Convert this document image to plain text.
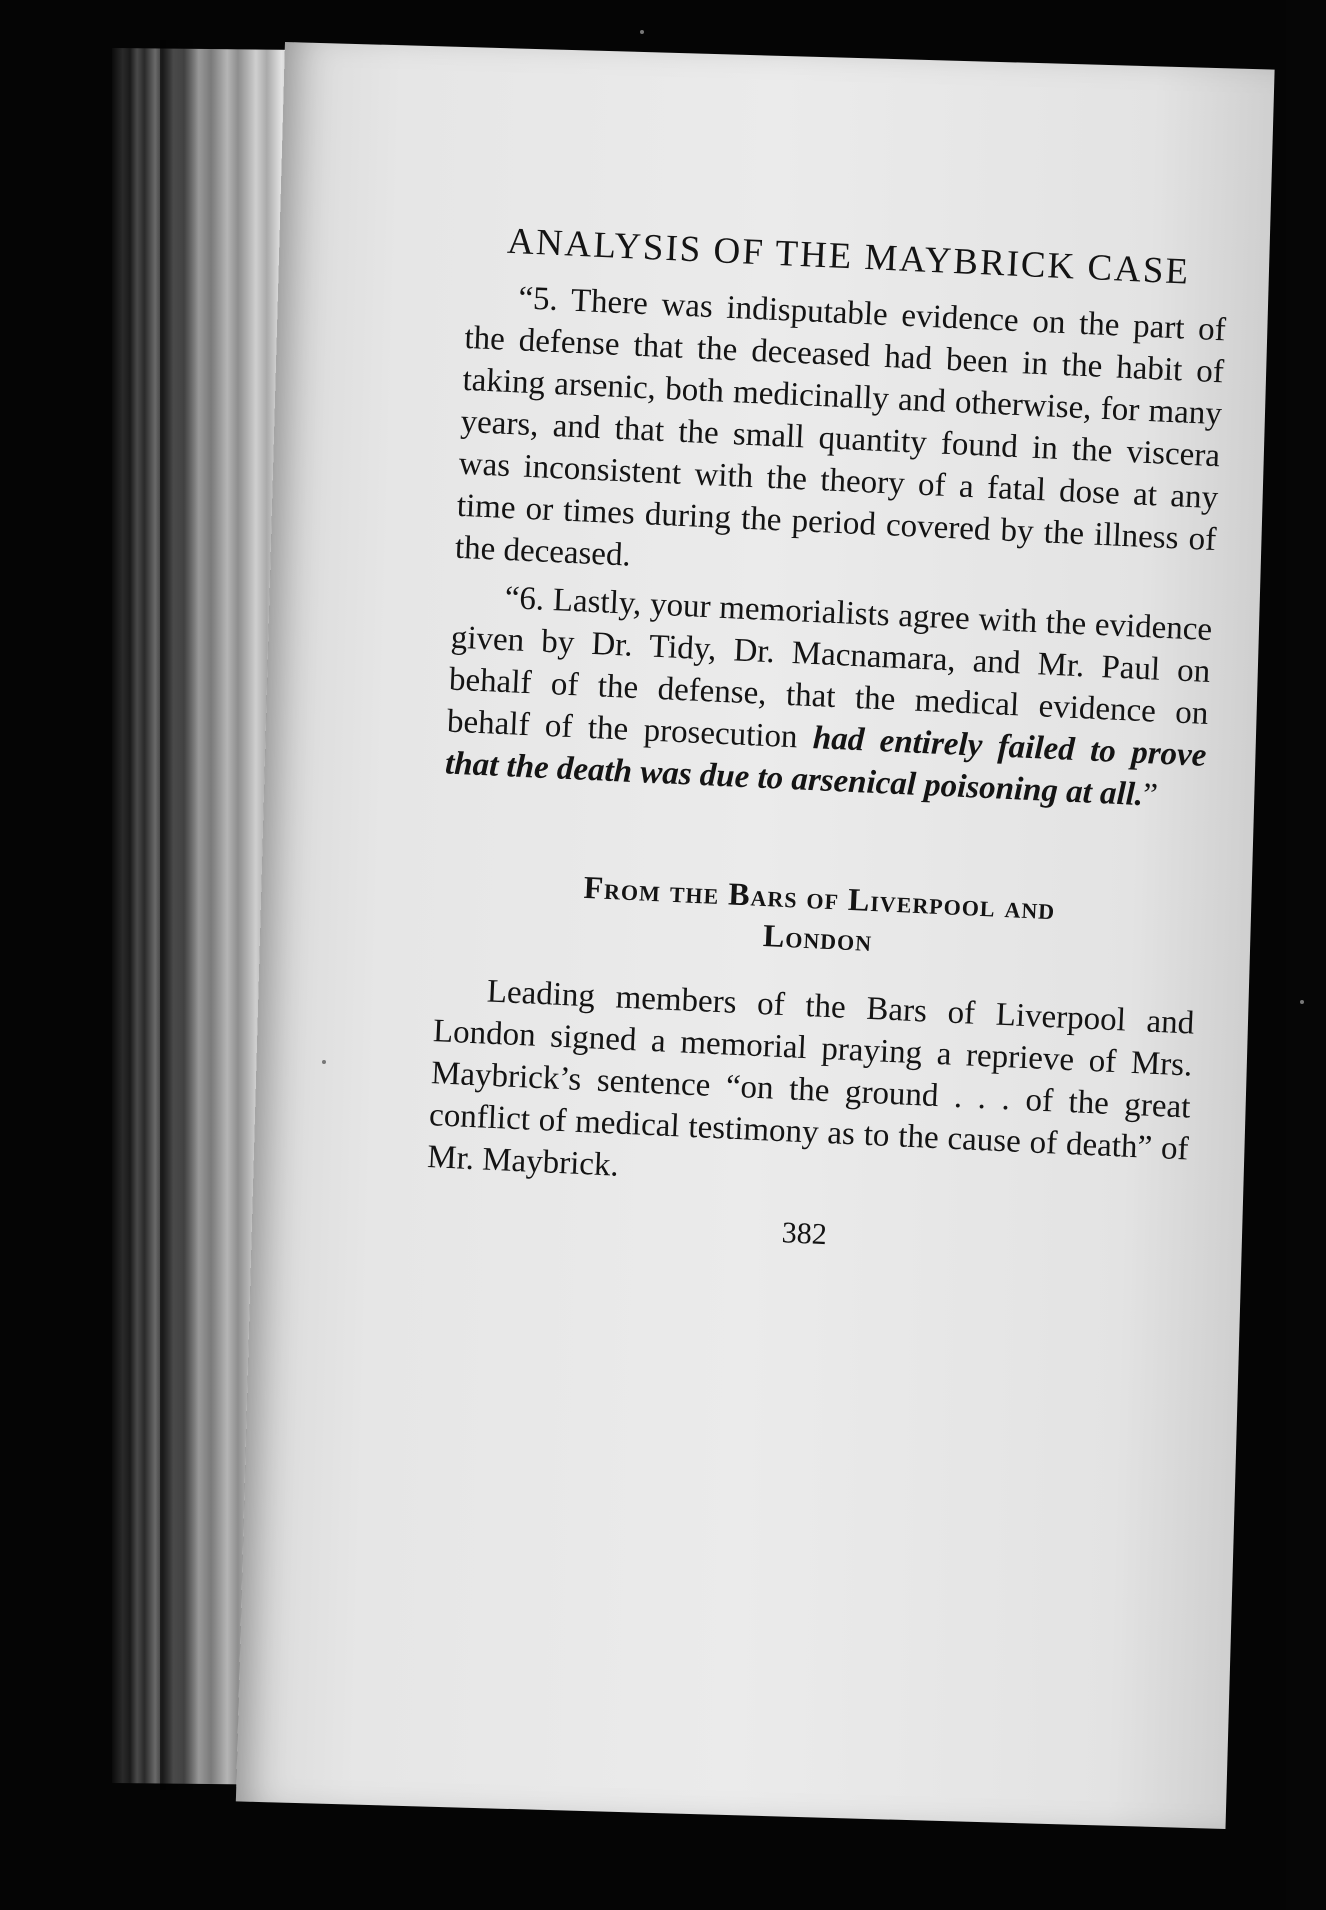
ANALYSIS OF THE MAYBRICK CASE

“5. There was indisputable evidence on the part of the defense that the deceased had been in the habit of taking arsenic, both medicinally and otherwise, for many years, and that the small quantity found in the viscera was inconsistent with the theory of a fatal dose at any time or times during the period covered by the illness of the deceased.

“6. Lastly, your memorialists agree with the evidence given by Dr. Tidy, Dr. Macnamara, and Mr. Paul on behalf of the defense, that the medical evidence on behalf of the prosecution had entirely failed to prove that the death was due to arsenical poisoning at all.”

From the Bars of Liverpool and
London

Leading members of the Bars of Liverpool and London signed a memorial praying a reprieve of Mrs. Maybrick’s sentence “on the ground . . . of the great conflict of medical testimony as to the cause of death” of Mr. Maybrick.

382
